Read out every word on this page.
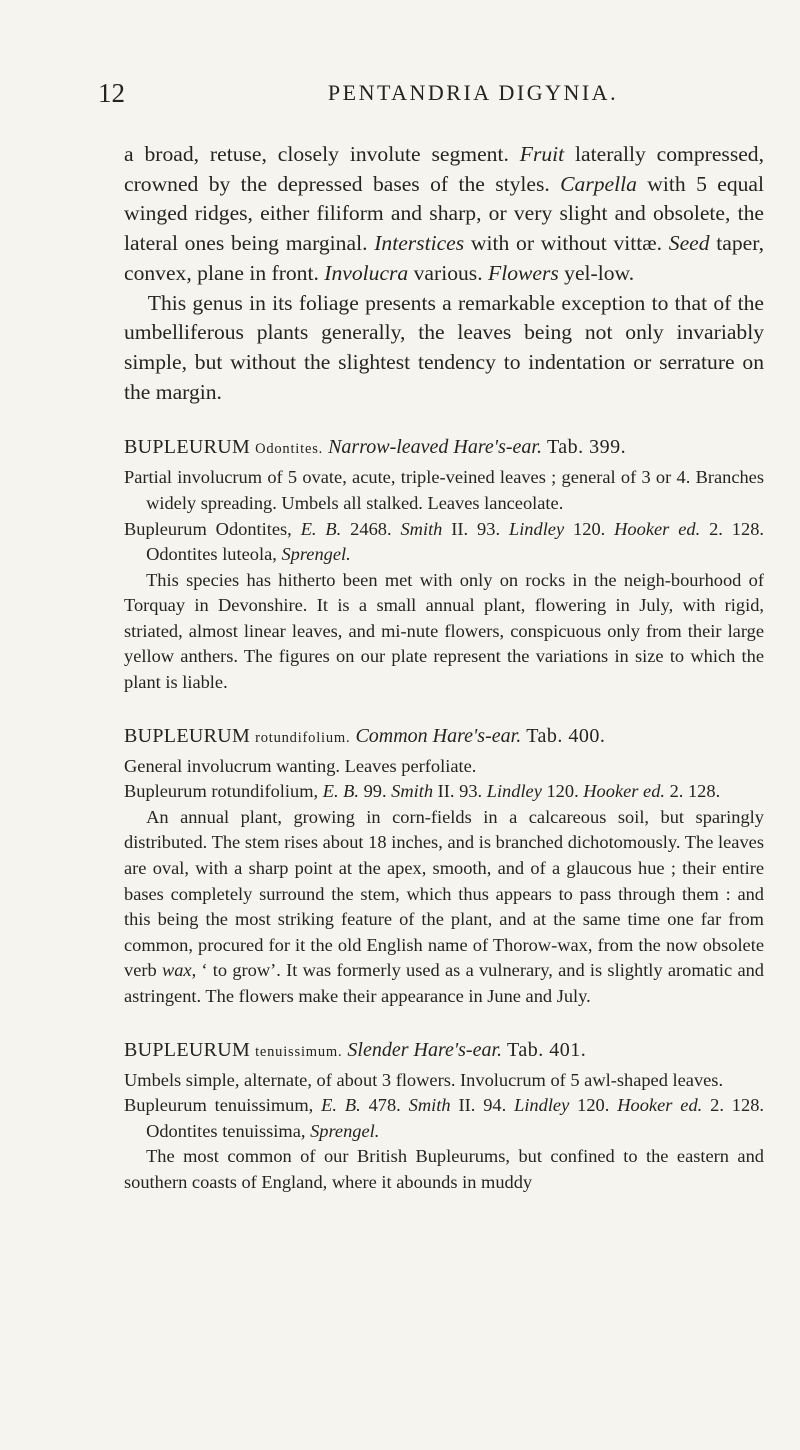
12	PENTANDRIA DIGYNIA.

a broad, retuse, closely involute segment. Fruit laterally compressed, crowned by the depressed bases of the styles. Carpella with 5 equal winged ridges, either filiform and sharp, or very slight and obsolete, the lateral ones being marginal. Interstices with or without vittæ. Seed taper, convex, plane in front. Involucra various. Flowers yel-low.

This genus in its foliage presents a remarkable exception to that of the umbelliferous plants generally, the leaves being not only invariably simple, but without the slightest tendency to indentation or serrature on the margin.

BUPLEURUM Odontites. Narrow-leaved Hare's-ear. Tab. 399.

Partial involucrum of 5 ovate, acute, triple-veined leaves ; general of 3 or 4. Branches widely spreading. Umbels all stalked. Leaves lanceolate.

Bupleurum Odontites, E. B. 2468. Smith II. 93. Lindley 120. Hooker ed. 2. 128. Odontites luteola, Sprengel.

This species has hitherto been met with only on rocks in the neigh-bourhood of Torquay in Devonshire. It is a small annual plant, flowering in July, with rigid, striated, almost linear leaves, and mi-nute flowers, conspicuous only from their large yellow anthers. The figures on our plate represent the variations in size to which the plant is liable.

BUPLEURUM rotundifolium. Common Hare's-ear. Tab. 400.

General involucrum wanting. Leaves perfoliate.

Bupleurum rotundifolium, E. B. 99. Smith II. 93. Lindley 120. Hooker ed. 2. 128.

An annual plant, growing in corn-fields in a calcareous soil, but sparingly distributed. The stem rises about 18 inches, and is branched dichotomously. The leaves are oval, with a sharp point at the apex, smooth, and of a glaucous hue ; their entire bases completely surround the stem, which thus appears to pass through them : and this being the most striking feature of the plant, and at the same time one far from common, procured for it the old English name of Thorow-wax, from the now obsolete verb wax, ‘ to grow’. It was formerly used as a vulnerary, and is slightly aromatic and astringent. The flowers make their appearance in June and July.

BUPLEURUM tenuissimum. Slender Hare's-ear. Tab. 401.

Umbels simple, alternate, of about 3 flowers. Involucrum of 5 awl-shaped leaves.

Bupleurum tenuissimum, E. B. 478. Smith II. 94. Lindley 120. Hooker ed. 2. 128. Odontites tenuissima, Sprengel.

The most common of our British Bupleurums, but confined to the eastern and southern coasts of England, where it abounds in muddy
